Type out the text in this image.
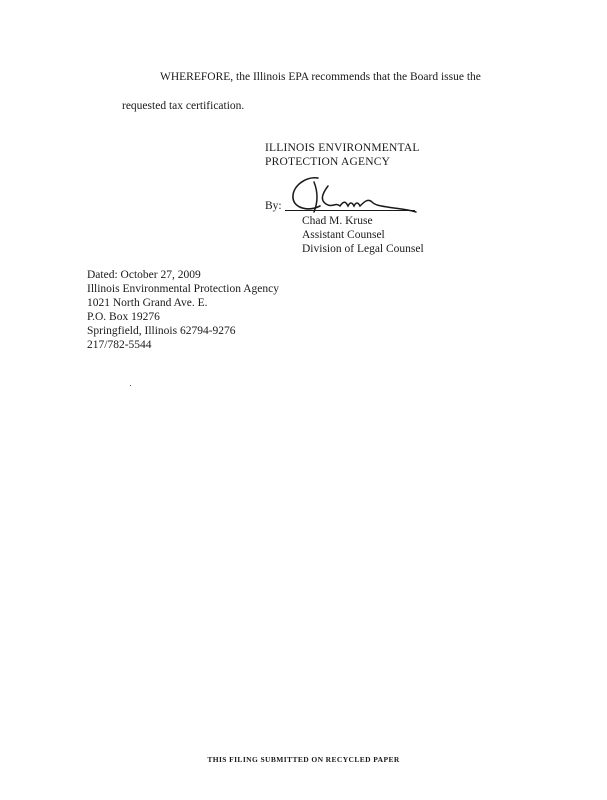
WHEREFORE, the Illinois EPA recommends that the Board issue the
requested tax certification.
ILLINOIS ENVIRONMENTAL
PROTECTION AGENCY
By:
Chad M. Kruse
Assistant Counsel
Division of Legal Counsel
Dated: October 27, 2009
Illinois Environmental Protection Agency
1021 North Grand Ave. E.
P.O. Box 19276
Springfield, Illinois 62794-9276
217/782-5544
THIS FILING SUBMITTED ON RECYCLED PAPER
